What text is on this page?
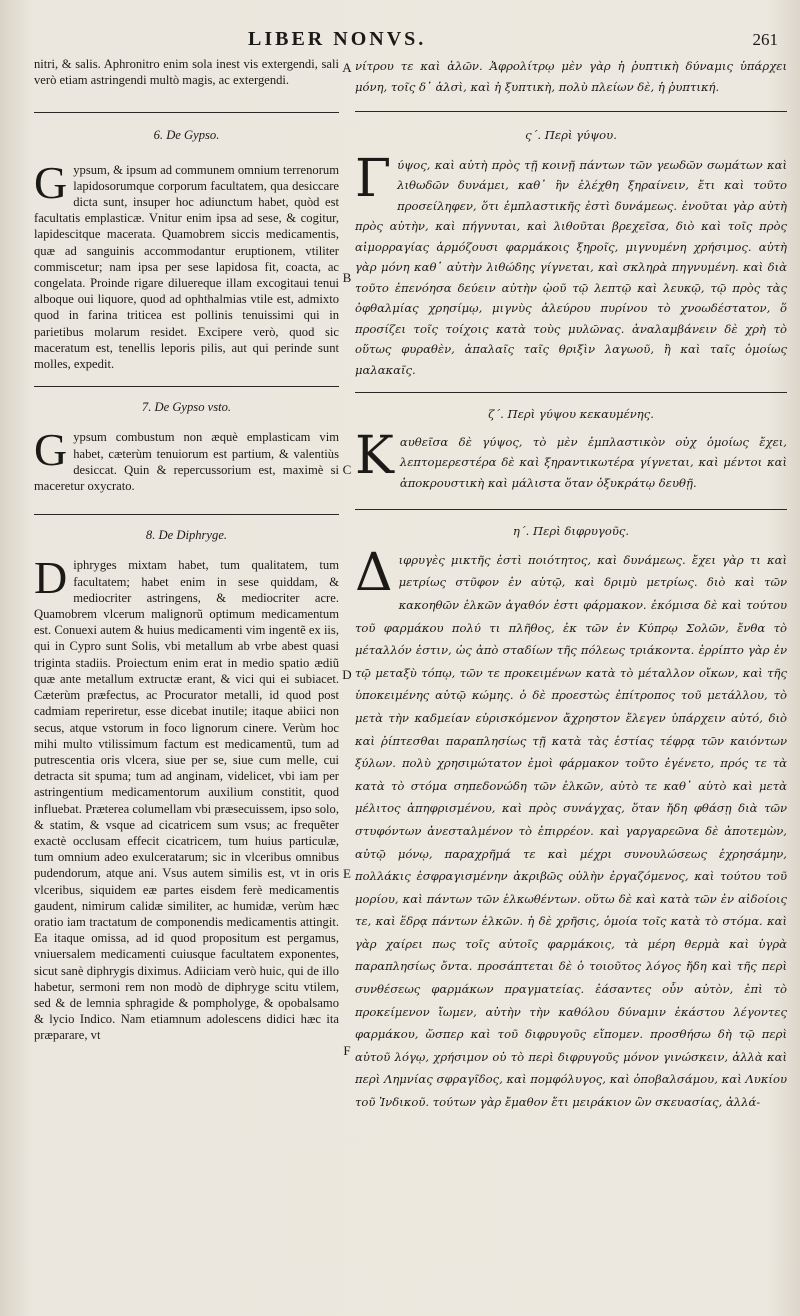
LIBER NONVS.	261
A
B
C
D
E
F

nitri, & salis. Aphronitro enim sola inest vis extergendi, sali verò etiam astringendi multò magis, ac extergendi.

6. De Gypso.

G ypsum, & ipsum ad communem omnium terrenorum lapidosorumque corporum facultatem, qua desiccare dicta sunt, insuper hoc adiunctum habet, quòd est facultatis emplasticæ. Vnitur enim ipsa ad sese, & cogitur, lapidescitque macerata. Quamobrem siccis medicamentis, quæ ad sanguinis accommodantur eruptionem, vtiliter commiscetur; nam ipsa per sese lapidosa fit, coacta, ac congelata. Proinde rigare diluereque illam excogitaui tenui alboque oui liquore, quod ad ophthalmias vtile est, admixto quod in farina triticea est pollinis tenuissimi qui in parietibus molarum residet. Excipere verò, quod sic maceratum est, tenellis leporis pilis, aut qui perinde sunt molles, expedit.

7. De Gypso vsto.

G ypsum combustum non æquè emplasticam vim habet, cæterùm tenuiorum est partium, & valentiùs desiccat. Quin & repercussorium est, maximè si maceretur oxycrato.

8. De Diphryge.

D iphryges mixtam habet, tum qualitatem, tum facultatem; habet enim in sese quiddam, & mediocriter astringens, & mediocriter acre. Quamobrem vlcerum malignorũ optimum medicamentum est. Conuexi autem & huius medicamenti vim ingentẽ ex iis, qui in Cypro sunt Solis, vbi metallum ab vrbe abest quasi triginta stadiis. Proiectum enim erat in medio spatio ædiũ quæ ante metallum extructæ erant, & vici qui ei subiacet. Cæterùm præfectus, ac Procurator metalli, id quod post cadmiam reperiretur, esse dicebat inutile; itaque abiici non secus, atque vstorum in foco lignorum cinere. Verùm hoc mihi multo vtilissimum factum est medicamentũ, tum ad putrescentia oris vlcera, siue per se, siue cum melle, cui detracta sit spuma; tum ad anginam, videlicet, vbi iam per astringentium medicamentorum auxilium constitit, quod influebat. Præterea columellam vbi præsecuissem, ipso solo, & statim, & vsque ad cicatricem sum vsus; ac frequẽter exactè occlusam effecit cicatricem, tum huius particulæ, tum omnium adeo exulceratarum; sic in vlceribus omnibus pudendorum, atque ani. Vsus autem similis est, vt in oris vlceribus, siquidem eæ partes eisdem ferè medicamentis gaudent, nimirum calidæ similiter, ac humidæ, verùm hæc oratio iam tractatum de componendis medicamentis attingit. Ea itaque omissa, ad id quod propositum est pergamus, vniuersalem medicamenti cuiusque facultatem exponentes, sicut sanè diphrygis diximus. Adiiciam verò huic, qui de illo habetur, sermoni rem non modò de diphryge scitu vtilem, sed & de lemnia sphragide & pompholyge, & opobalsamo & lycio Indico. Nam etiamnum adolescens didici hæc ita præparare, vt

νίτρου τε καὶ ἁλῶν. Ἀφρολίτρῳ μὲν γὰρ ἡ ῥυπτικὴ δύναμις ὑπάρχει μόνη, τοῖς δ᾽ ἁλσὶ, καὶ ἡ ξυπτικὴ, πολὺ πλείων δὲ, ἡ ῥυπτική.

ς΄. Περὶ γύψου.

Γ ύψος, καὶ αὐτὴ πρὸς τῇ κοινῇ πάντων τῶν γεωδῶν σωμάτων καὶ λιθωδῶν δυνάμει, καθ᾽ ἣν ἐλέχθη ξηραίνειν, ἔτι καὶ τοῦτο προσείληφεν, ὅτι ἐμπλαστικῆς ἐστὶ δυνάμεως. ἑνοῦται γὰρ αὐτὴ πρὸς αὐτὴν, καὶ πήγνυται, καὶ λιθοῦται βρεχεῖσα, διὸ καὶ τοῖς πρὸς αἱμορραγίας ἁρμόζουσι φαρμάκοις ξηροῖς, μιγνυμένη χρήσιμος. αὐτὴ γὰρ μόνη καθ᾽ αὑτὴν λιθώδης γίγνεται, καὶ σκληρὰ πηγνυμένη. καὶ διὰ τοῦτο ἐπενόησα δεύειν αὐτὴν ᾠοῦ τῷ λεπτῷ καὶ λευκῷ, τῷ πρὸς τὰς ὀφθαλμίας χρησίμῳ, μιγνὺς ἀλεύρου πυρίνου τὸ χνοωδέστατον, ὅ προσίζει τοῖς τοίχοις κατὰ τοὺς μυλῶνας. ἀναλαμβάνειν δὲ χρὴ τὸ οὕτως φυραθὲν, ἁπαλαῖς ταῖς θριξὶν λαγωοῦ, ἢ καὶ ταῖς ὁμοίως μαλακαῖς.

ζ΄. Περὶ γύψου κεκαυμένης.

Κ αυθεῖσα δὲ γύψος, τὸ μὲν ἐμπλαστικὸν οὐχ ὁμοίως ἔχει, λεπτομερεστέρα δὲ καὶ ξηραντικωτέρα γίγνεται, καὶ μέντοι καὶ ἀποκρουστικὴ καὶ μάλιστα ὅταν ὀξυκράτῳ δευθῇ.

η΄. Περὶ διφρυγοῦς.

Δ ιφρυγὲς μικτῆς ἐστὶ ποιότητος, καὶ δυνάμεως. ἔχει γὰρ τι καὶ μετρίως στῦφον ἐν αὑτῷ, καὶ δριμὺ μετρίως. διὸ καὶ τῶν κακοηθῶν ἑλκῶν ἀγαθόν ἐστι φάρμακον. ἐκόμισα δὲ καὶ τούτου τοῦ φαρμάκου πολύ τι πλῆθος, ἐκ τῶν ἐν Κύπρῳ Σολῶν, ἔνθα τὸ μέταλλόν ἐστιν, ὡς ἀπὸ σταδίων τῆς πόλεως τριάκοντα. ἐρρίπτο γὰρ ἐν τῷ μεταξὺ τόπῳ, τῶν τε προκειμένων κατὰ τὸ μέταλλον οἴκων, καὶ τῆς ὑποκειμένης αὐτῷ κώμης. ὁ δὲ προεστὼς ἐπίτροπος τοῦ μετάλλου, τὸ μετὰ τὴν καδμείαν εὑρισκόμενον ἄχρηστον ἔλεγεν ὑπάρχειν αὐτό, διὸ καὶ ῥίπτεσθαι παραπλησίως τῇ κατὰ τὰς ἑστίας τέφρᾳ τῶν καιόντων ξύλων. πολὺ χρησιμώτατον ἐμοὶ φάρμακον τοῦτο ἐγένετο, πρός τε τὰ κατὰ τὸ στόμα σηπεδονώδη τῶν ἑλκῶν, αὐτὸ τε καθ᾽ αὑτὸ καὶ μετὰ μέλιτος ἀπηφρισμένου, καὶ πρὸς συνάγχας, ὅταν ἤδη φθάσῃ διὰ τῶν στυφόντων ἀνεσταλμένον τὸ ἐπιρρέον. καὶ γαργαρεῶνα δὲ ἀποτεμὼν, αὐτῷ μόνῳ, παραχρῆμά τε καὶ μέχρι συνουλώσεως ἐχρησάμην, πολλάκις ἐσφραγισμένην ἀκριβῶς οὐλὴν ἐργαζόμενος, καὶ τούτου τοῦ μορίου, καὶ πάντων τῶν ἑλκωθέντων. οὕτω δὲ καὶ κατὰ τῶν ἐν αἰδοίοις τε, καὶ ἕδρᾳ πάντων ἑλκῶν. ἡ δὲ χρῆσις, ὁμοία τοῖς κατὰ τὸ στόμα. καὶ γὰρ χαίρει πως τοῖς αὐτοῖς φαρμάκοις, τὰ μέρη θερμὰ καὶ ὑγρὰ παραπλησίως ὄντα. προσάπτεται δὲ ὁ τοιοῦτος λόγος ἤδη καὶ τῆς περὶ συνθέσεως φαρμάκων πραγματείας. ἐάσαντες οὖν αὐτὸν, ἐπὶ τὸ προκείμενον ἴωμεν, αὐτὴν τὴν καθόλου δύναμιν ἑκάστου λέγοντες φαρμάκου, ὥσπερ καὶ τοῦ διφρυγοῦς εἴπομεν. προσθήσω δὴ τῷ περὶ αὐτοῦ λόγῳ, χρήσιμον οὐ τὸ περὶ διφρυγοῦς μόνον γινώσκειν, ἀλλὰ καὶ περὶ Λημνίας σφραγῖδος, καὶ πομφόλυγος, καὶ ὀποβαλσάμου, καὶ Λυκίου τοῦ Ἰνδικοῦ. τούτων γὰρ ἔμαθον ἔτι μειράκιον ὢν σκευασίας, ἀλλά-
